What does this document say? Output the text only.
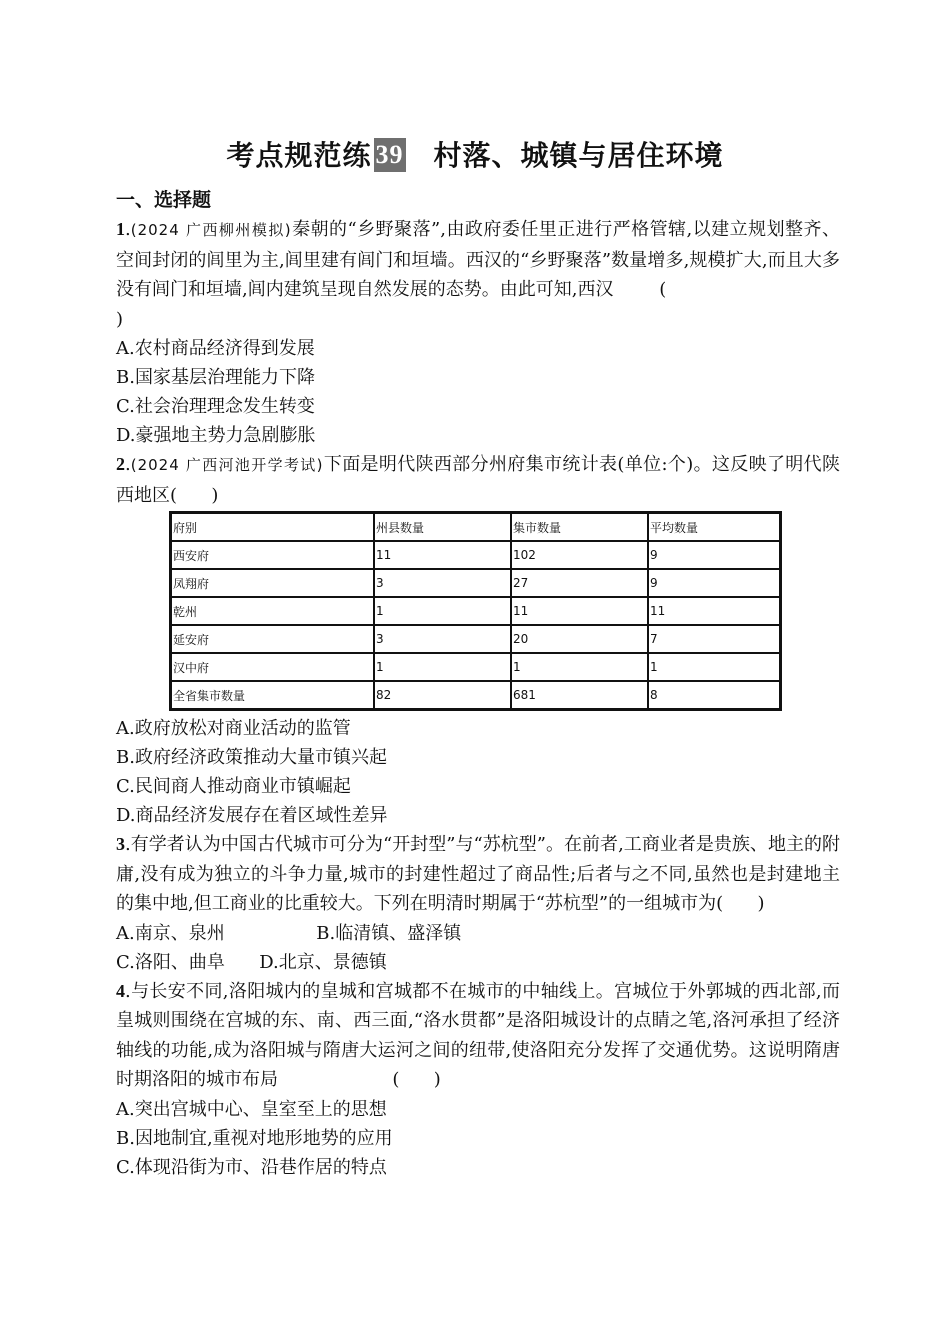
考点规范练 39 村落、城镇与居住环境
一、选择题
1.(2024 广西柳州模拟)秦朝的“乡野聚落”,由政府委任里正进行严格管辖,以建立规划整齐、空间封闭的闾里为主,闾里建有闾门和垣墙。西汉的“乡野聚落”数量增多,规模扩大,而且大多没有闾门和垣墙,闾内建筑呈现自然发展的态势。由此可知,西汉	(
)
A.农村商品经济得到发展
B.国家基层治理能力下降
C.社会治理理念发生转变
D.豪强地主势力急剧膨胀
2.(2024 广西河池开学考试)下面是明代陕西部分州府集市统计表(单位:个)。这反映了明代陕西地区(      )
府别	州县数量	集市数量	平均数量
西安府	11	102	9
凤翔府	3	27	9
乾州	1	11	11
延安府	3	20	7
汉中府	1	1	1
全省集市数量	82	681	8
A.政府放松对商业活动的监管
B.政府经济政策推动大量市镇兴起
C.民间商人推动商业市镇崛起
D.商品经济发展存在着区域性差异
3.有学者认为中国古代城市可分为“开封型”与“苏杭型”。在前者,工商业者是贵族、地主的附庸,没有成为独立的斗争力量,城市的封建性超过了商品性;后者与之不同,虽然也是封建地主的集中地,但工商业的比重较大。下列在明清时期属于“苏杭型”的一组城市为(      )
A.南京、泉州	B.临清镇、盛泽镇
C.洛阳、曲阜 D.北京、景德镇
4.与长安不同,洛阳城内的皇城和宫城都不在城市的中轴线上。宫城位于外郭城的西北部,而皇城则围绕在宫城的东、南、西三面,“洛水贯都”是洛阳城设计的点睛之笔,洛河承担了经济轴线的功能,成为洛阳城与隋唐大运河之间的纽带,使洛阳充分发挥了交通优势。这说明隋唐时期洛阳的城市布局                    (      )
A.突出宫城中心、皇室至上的思想
B.因地制宜,重视对地形地势的应用
C.体现沿街为市、沿巷作居的特点
